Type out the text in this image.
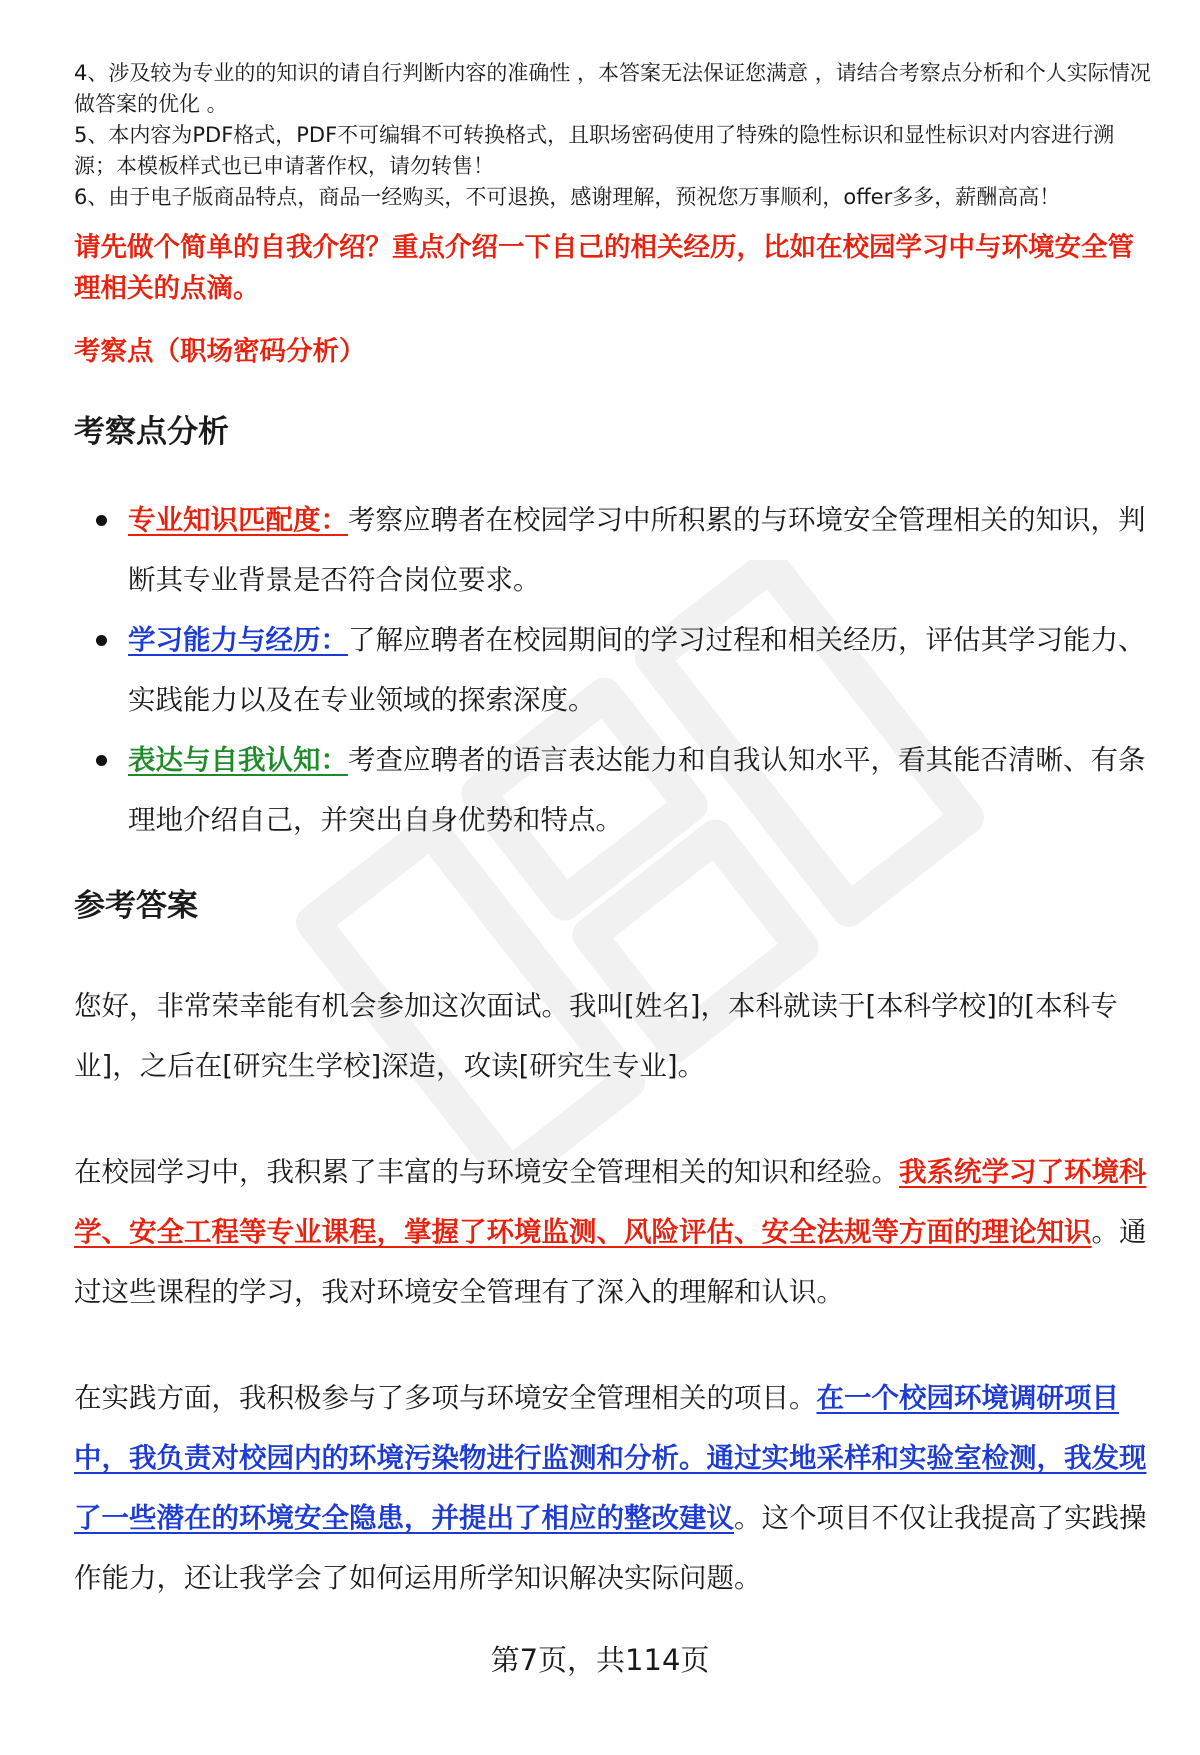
4、涉及较为专业的的知识的请自行判断内容的准确性 ，本答案无法保证您满意 ，请结合考察点分析和个人实际情况做答案的优化 。

5、本内容为PDF格式，PDF不可编辑不可转换格式，且职场密码使用了特殊的隐性标识和显性标识对内容进行溯源；本模板样式也已申请著作权，请勿转售！

6、由于电子版商品特点，商品一经购买，不可退换，感谢理解，预祝您万事顺利，offer多多，薪酬高高！

请先做个简单的自我介绍？重点介绍一下自己的相关经历，比如在校园学习中与环境安全管理相关的点滴。
考察点（职场密码分析）
考察点分析
专业知识匹配度：考察应聘者在校园学习中所积累的与环境安全管理相关的知识，判断其专业背景是否符合岗位要求。
学习能力与经历：了解应聘者在校园期间的学习过程和相关经历，评估其学习能力、实践能力以及在专业领域的探索深度。
表达与自我认知：考查应聘者的语言表达能力和自我认知水平，看其能否清晰、有条理地介绍自己，并突出自身优势和特点。
参考答案

您好，非常荣幸能有机会参加这次面试。我叫[姓名]，本科就读于[本科学校]的[本科专业]，之后在[研究生学校]深造，攻读[研究生专业]。

在校园学习中，我积累了丰富的与环境安全管理相关的知识和经验。我系统学习了环境科学、安全工程等专业课程，掌握了环境监测、风险评估、安全法规等方面的理论知识。通过这些课程的学习，我对环境安全管理有了深入的理解和认识。

在实践方面，我积极参与了多项与环境安全管理相关的项目。在一个校园环境调研项目中，我负责对校园内的环境污染物进行监测和分析。通过实地采样和实验室检测，我发现了一些潜在的环境安全隐患，并提出了相应的整改建议。这个项目不仅让我提高了实践操作能力，还让我学会了如何运用所学知识解决实际问题。

第7页，共114页
